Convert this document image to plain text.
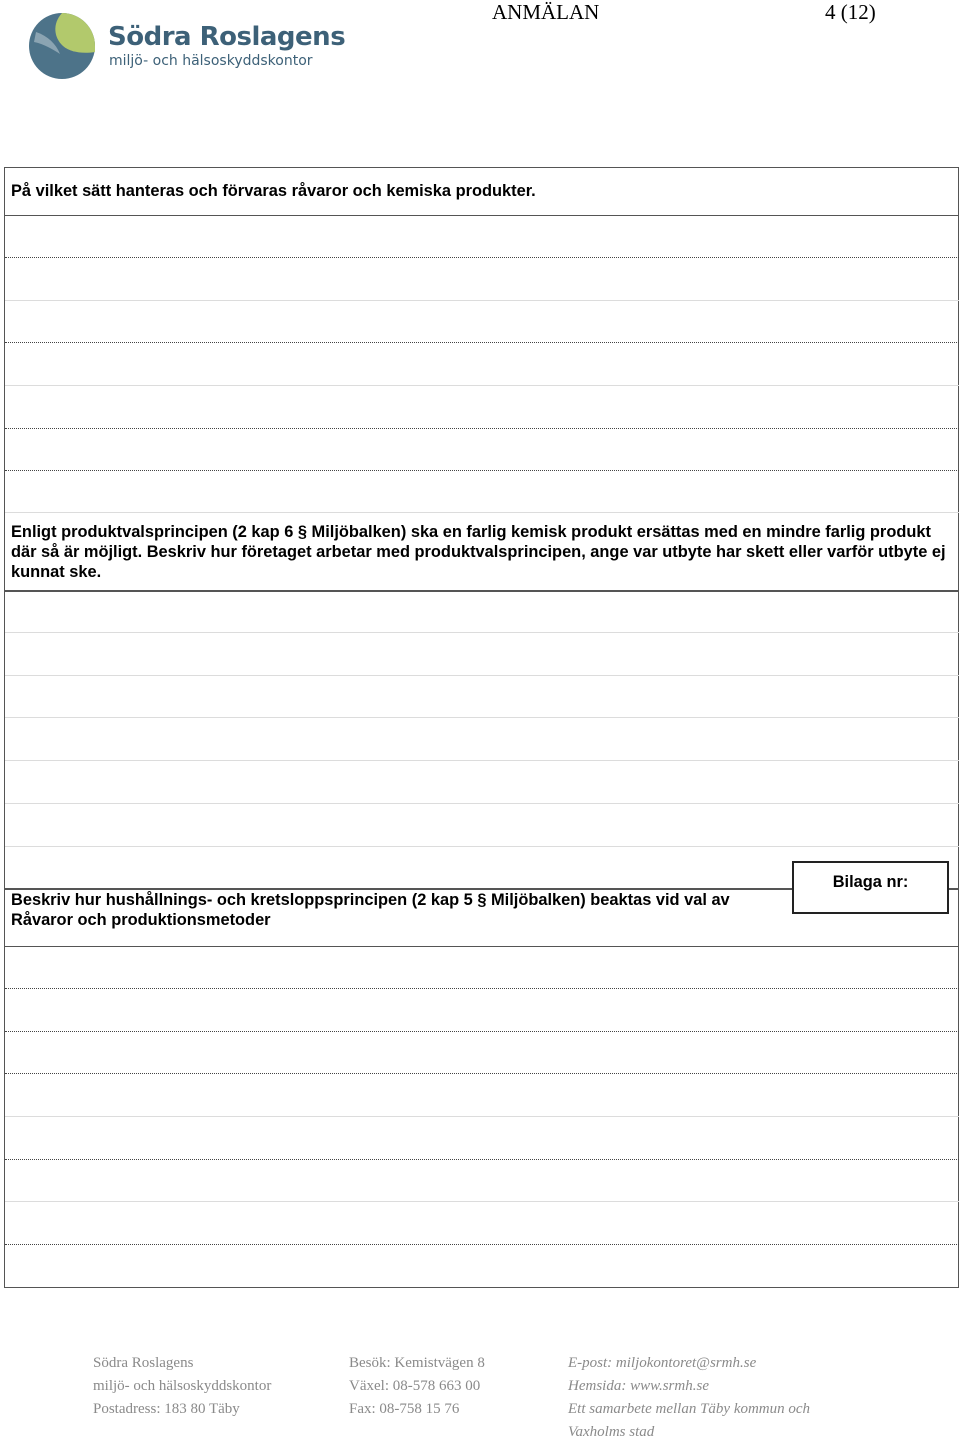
Södra Roslagens
miljö- och hälsoskyddskontor
ANMÄLAN	4 (12)
På vilket sätt hanteras och förvaras råvaror och kemiska produkter.
Enligt produktvalsprincipen (2 kap 6 § Miljöbalken) ska en farlig kemisk produkt ersättas med en mindre farlig produkt där så är möjligt. Beskriv hur företaget arbetar med produktvalsprincipen, ange var utbyte har skett eller varför utbyte ej kunnat ske.
Beskriv hur hushållnings- och kretsloppsprincipen (2 kap 5 § Miljöbalken) beaktas vid val av Råvaror och produktionsmetoder
Bilaga nr:
Södra Roslagens
miljö- och hälsoskyddskontor
Postadress: 183 80 Täby
Besök: Kemistvägen 8
Växel: 08-578 663 00
Fax: 08-758 15 76
E-post: miljokontoret@srmh.se
Hemsida: www.srmh.se
Ett samarbete mellan Täby kommun och
Vaxholms stad
